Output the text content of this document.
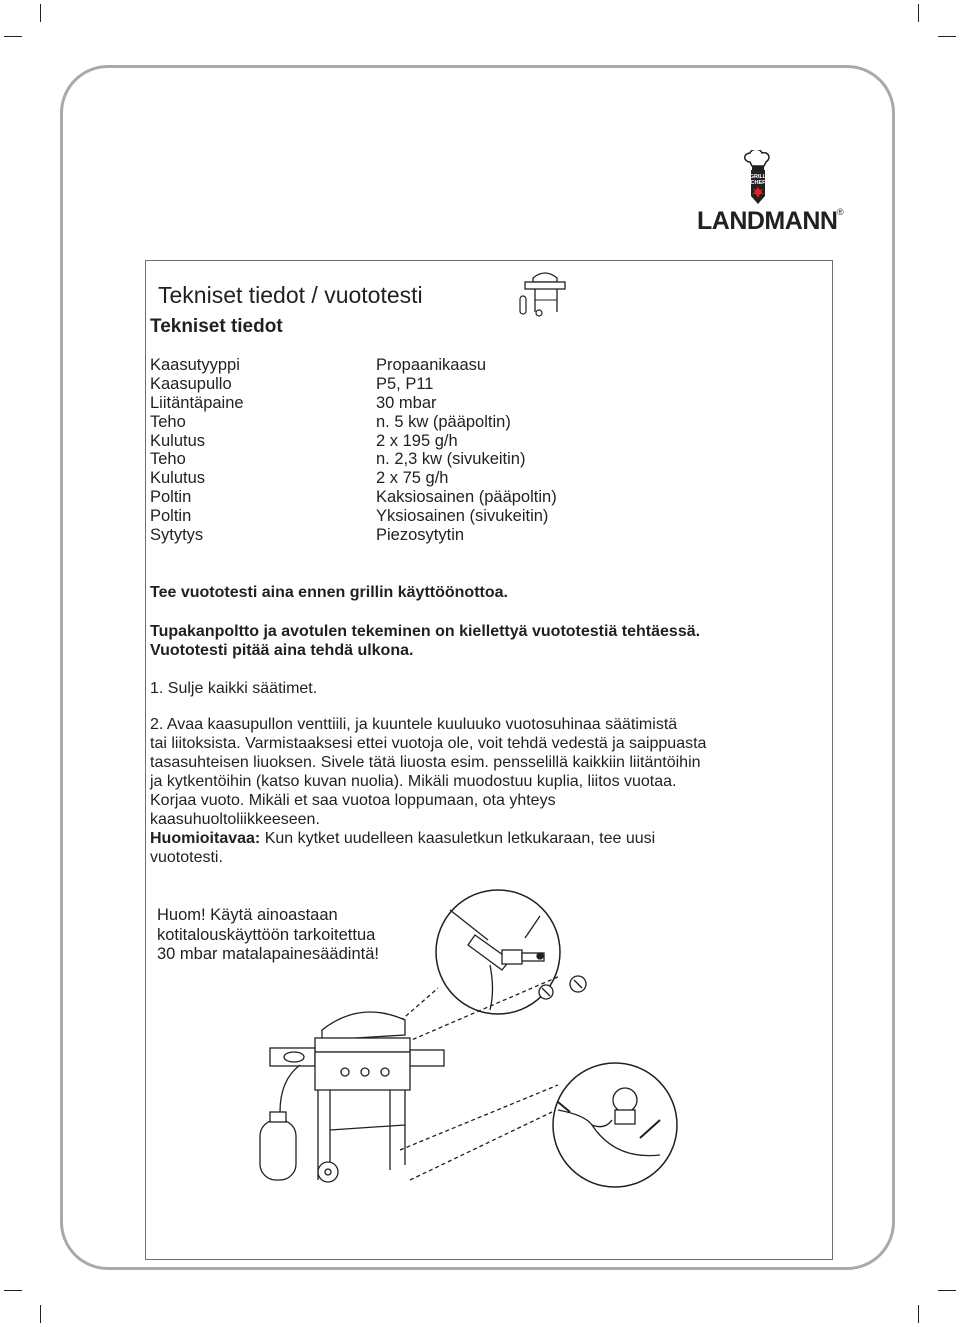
GRILL
CHEF
LANDMANN ®
Tekniset tiedot / vuototesti
Tekniset tiedot
Kaasutyyppi	Propaanikaasu
Kaasupullo	P5, P11
Liitäntäpaine	30 mbar
Teho	n. 5 kw (pääpoltin)
Kulutus	2 x 195 g/h
Teho	n. 2,3 kw (sivukeitin)
Kulutus	2 x 75 g/h
Poltin	Kaksiosainen (pääpoltin)
Poltin	Yksiosainen (sivukeitin)
Sytytys	Piezosytytin
Tee vuototesti aina ennen grillin käyttöönottoa.
Tupakanpoltto ja avotulen tekeminen on kiellettyä vuototestiä tehtäessä.
Vuototesti pitää aina tehdä ulkona.
1. Sulje kaikki säätimet.
2. Avaa kaasupullon venttiili, ja kuuntele kuuluuko vuotosuhinaa säätimistä
tai liitoksista. Varmistaaksesi ettei vuotoja ole, voit tehdä vedestä ja saippuasta
tasasuhteisen liuoksen. Sivele tätä liuosta esim. pensselillä kaikkiin liitäntöihin
ja kytkentöihin (katso kuvan nuolia). Mikäli muodostuu kuplia, liitos vuotaa.
Korjaa vuoto. Mikäli et saa vuotoa loppumaan, ota yhteys
kaasuhuoltoliikkeeseen.
Huomioitavaa: Kun kytket uudelleen kaasuletkun letkukaraan, tee uusi
vuototesti.
Huom! Käytä ainoastaan
kotitalouskäyttöön tarkoitettua
30 mbar matalapainesäädintä!
